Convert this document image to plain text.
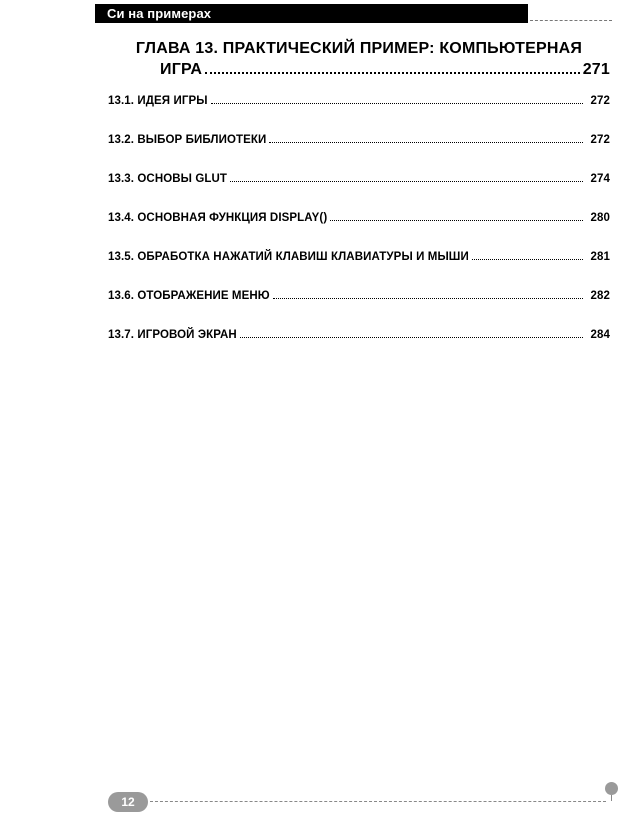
Си на примерах
ГЛАВА 13. ПРАКТИЧЕСКИЙ ПРИМЕР: КОМПЬЮТЕРНАЯ
ИГРА	271
13.1. ИДЕЯ ИГРЫ	272
13.2. ВЫБОР БИБЛИОТЕКИ	272
13.3. ОСНОВЫ GLUT	274
13.4. ОСНОВНАЯ ФУНКЦИЯ DISPLAY()	280
13.5. ОБРАБОТКА НАЖАТИЙ КЛАВИШ КЛАВИАТУРЫ И МЫШИ	281
13.6. ОТОБРАЖЕНИЕ МЕНЮ	282
13.7. ИГРОВОЙ ЭКРАН	284
12
